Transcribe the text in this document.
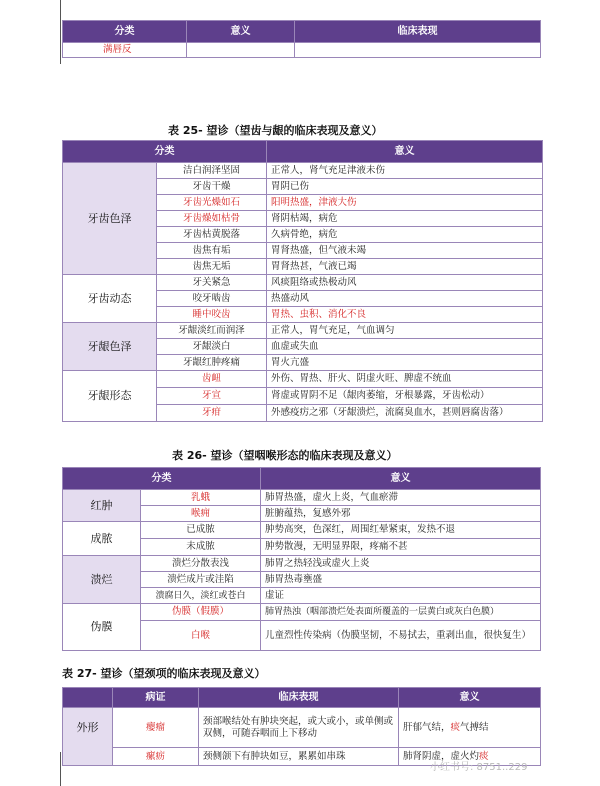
分类	意义	临床表现
满唇反		
表 25- 望诊（望齿与龈的临床表现及意义）
分类		意义
牙齿色泽	洁白润泽坚固	正常人，肾气充足津液未伤
	牙齿干燥	胃阴已伤
	牙齿光燥如石	阳明热盛，津液大伤
	牙齿燥如枯骨	肾阴枯竭，病危
	牙齿枯黄脱落	久病骨绝，病危
	齿焦有垢	胃肾热盛，但气液未竭
	齿焦无垢	胃肾热甚，气液已竭
牙齿动态	牙关紧急	风痰阻络或热极动风
	咬牙啮齿	热盛动风
	睡中咬齿	胃热、虫积、消化不良
牙龈色泽	牙龈淡红而润泽	正常人，胃气充足，气血调匀
	牙龈淡白	血虚或失血
	牙龈红肿疼痛	胃火亢盛
牙龈形态	齿衄	外伤、胃热、肝火、阴虚火旺、脾虚不统血
	牙宣	肾虚或胃阴不足（龈肉萎缩，牙根暴露，牙齿松动）
	牙疳	外感疫疠之邪（牙龈溃烂，流腐臭血水，甚则唇腐齿落）
表 26- 望诊（望咽喉形态的临床表现及意义）
分类		意义
红肿	乳蛾	肺胃热盛，虚火上炎，气血瘀滞
	喉痈	脏腑蕴热，复感外邪
成脓	已成脓	肿势高突，色深红，周围红晕紧束，发热不退
	未成脓	肿势散漫，无明显界限，疼痛不甚
溃烂	溃烂分散表浅	肺胃之热轻浅或虚火上炎
	溃烂成片或洼陷	肺胃热毒壅盛
	溃腐日久，淡红或苍白	虚证
伪膜	伪膜（假膜）	肺胃热浊（咽部溃烂处表面所覆盖的一层黄白或灰白色膜）
	白喉	儿童烈性传染病（伪膜坚韧，不易拭去，重剥出血，很快复生）
表 27- 望诊（望颈项的临床表现及意义）
	病证	临床表现	意义
外形	瘿瘤	颈部喉结处有肿块突起，或大或小，或单侧或双侧，可随吞咽而上下移动	肝郁气结，痰气搏结
	瘰疬	颈侧颌下有肿块如豆，累累如串珠	肺肾阴虚，虚火灼痰
小红书号: 8751..229
